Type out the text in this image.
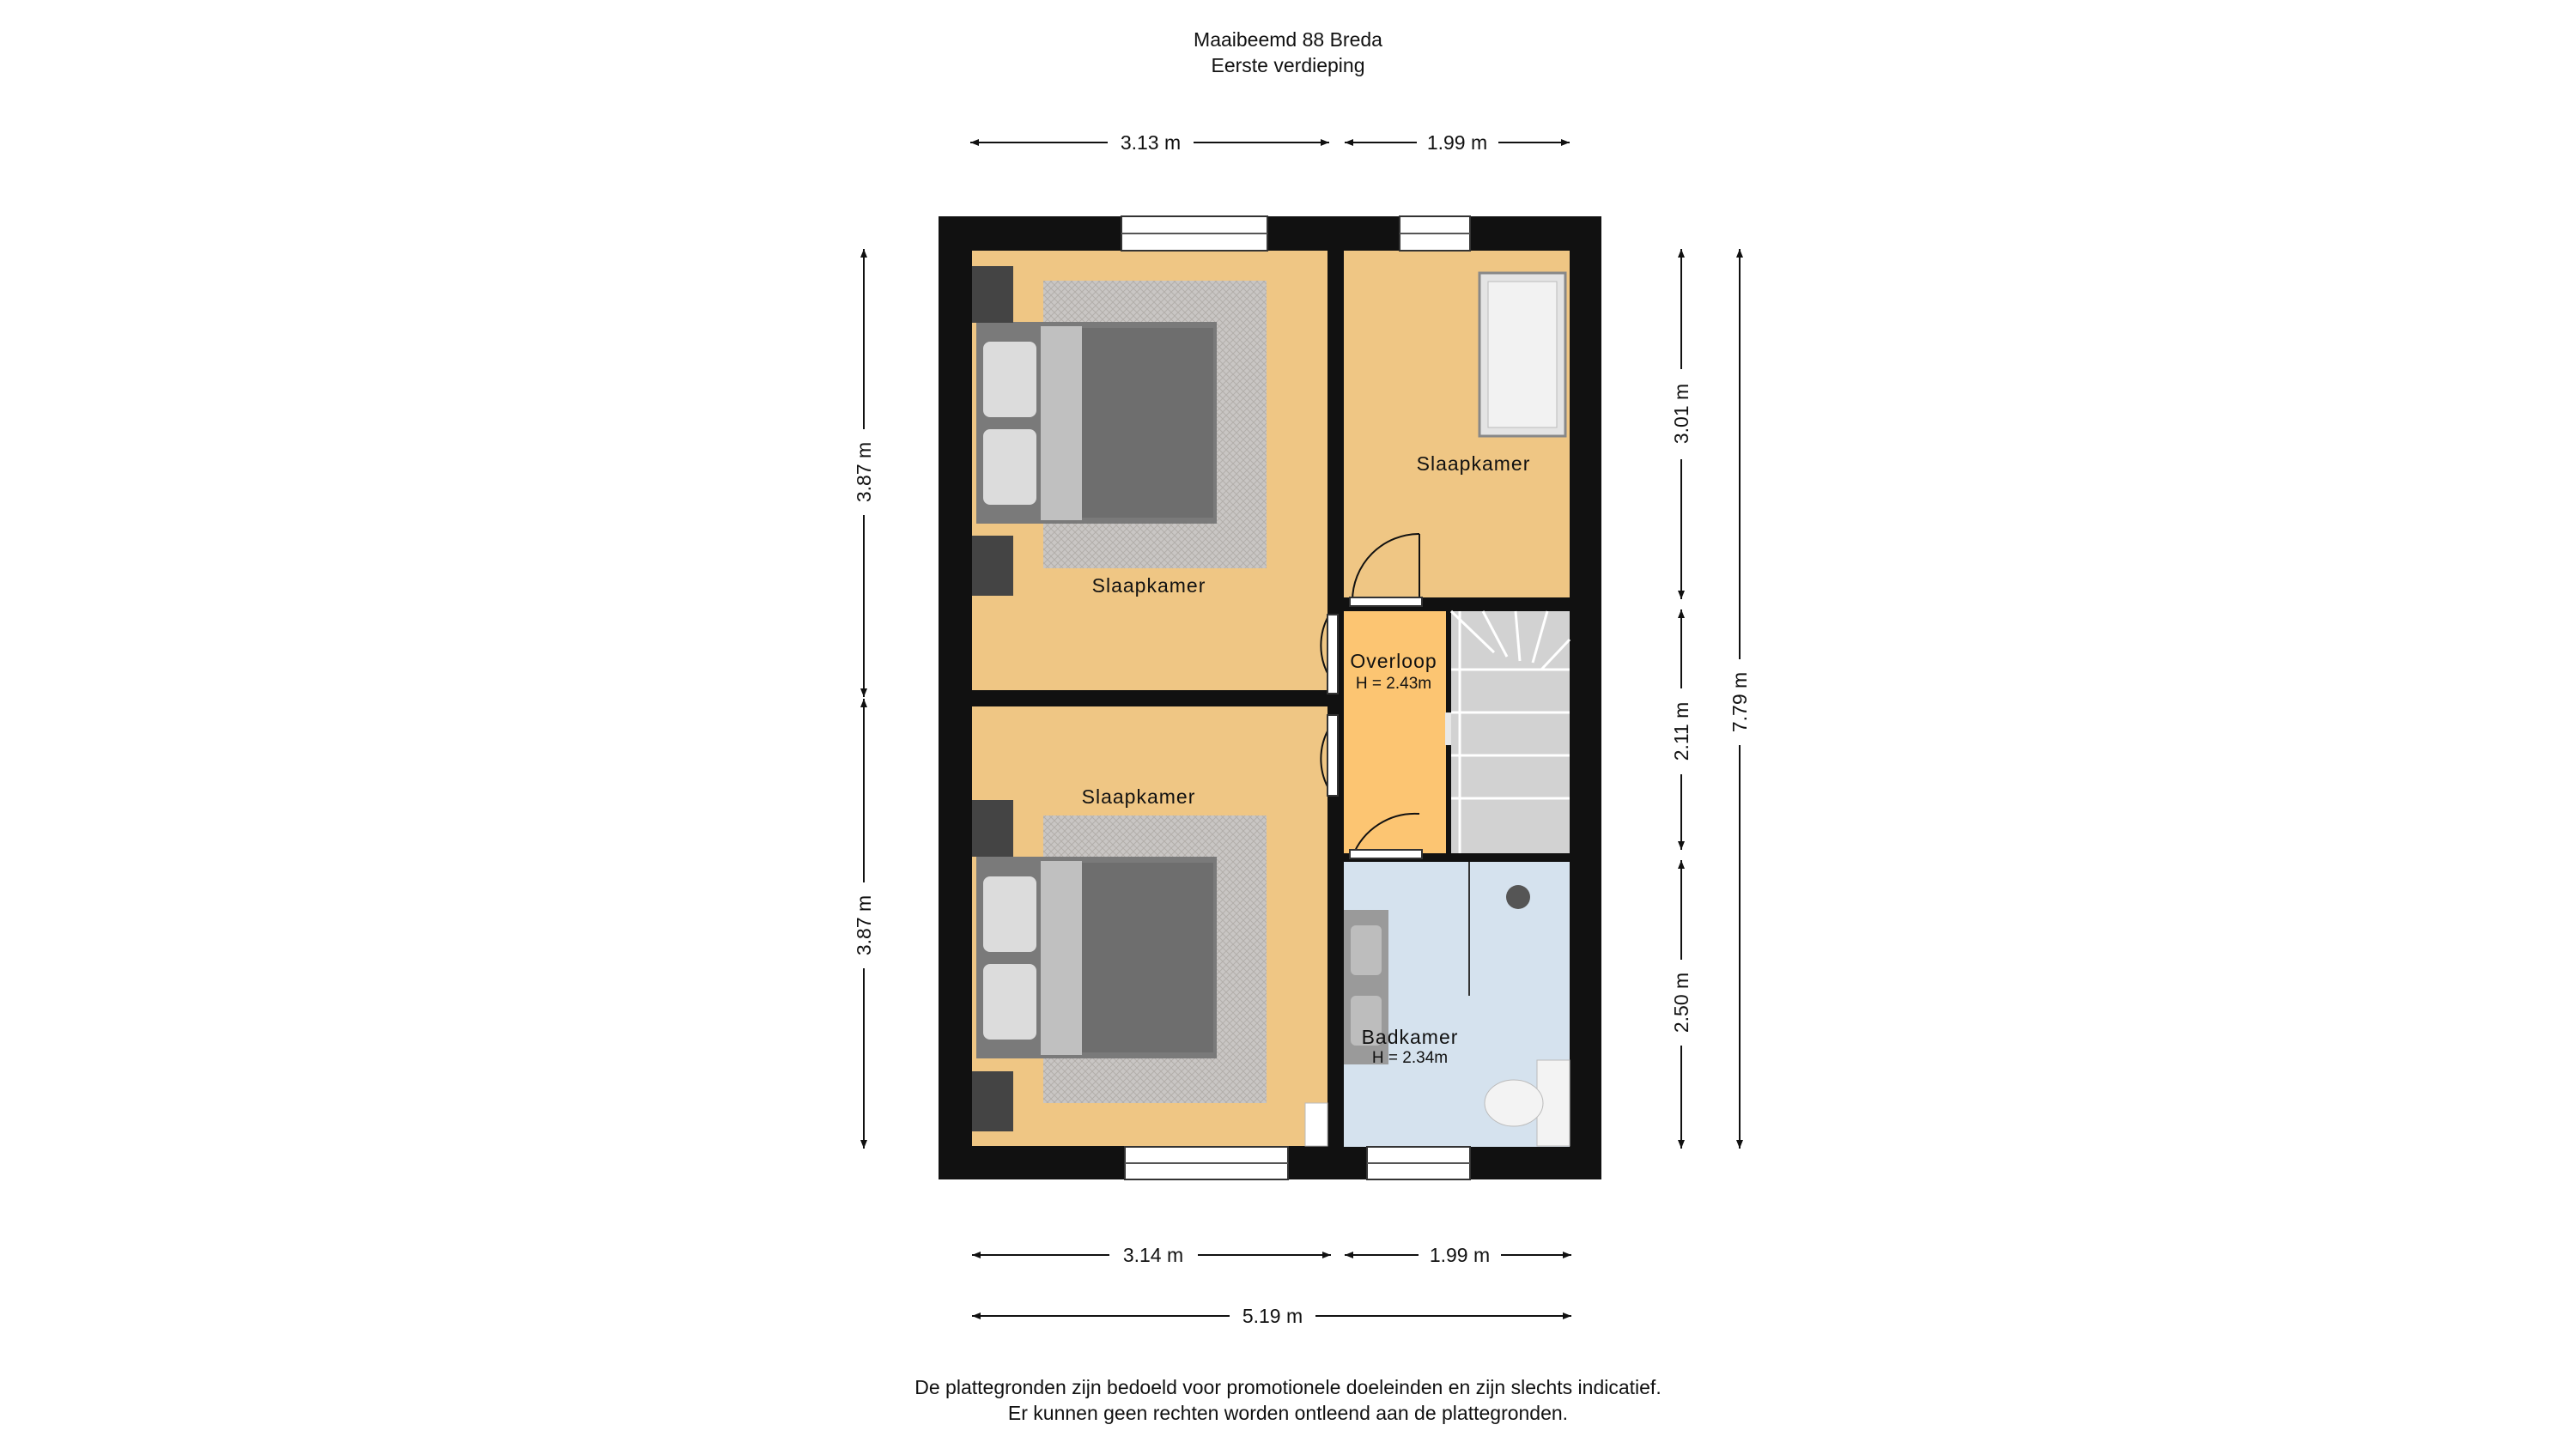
Maaibeemd 88 Breda
Eerste verdieping
Slaapkamer
Slaapkamer
Slaapkamer
Overloop
Badkamer
H = 2.43m
H = 2.34m
3.13 m	1.99 m
3.14 m	1.99 m
5.19 m
3.87 m
3.87 m
3.01 m
2.11 m
2.50 m
7.79 m
De plattegronden zijn bedoeld voor promotionele doeleinden en zijn slechts indicatief.
Er kunnen geen rechten worden ontleend aan de plattegronden.
